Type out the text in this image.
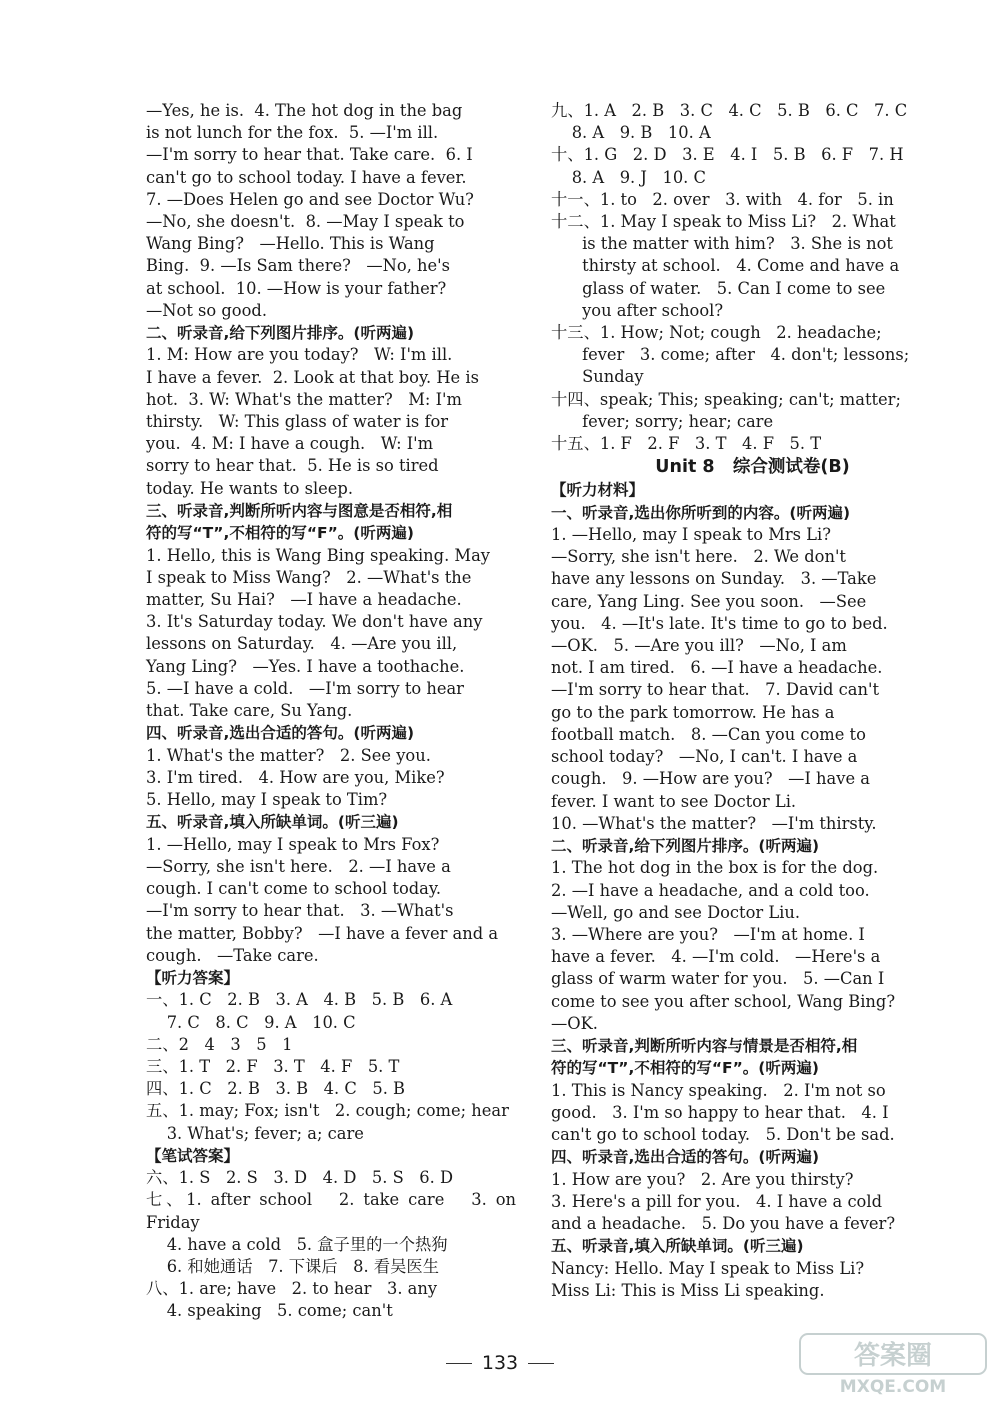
—Yes, he is.  4. The hot dog in the bag

is not lunch for the fox.  5. —I'm ill.

—I'm sorry to hear that. Take care.  6. I

can't go to school today. I have a fever.

7. —Does Helen go and see Doctor Wu?

—No, she doesn't.  8. —May I speak to

Wang Bing?   —Hello. This is Wang

Bing.  9. —Is Sam there?   —No, he's

at school.  10. —How is your father?

—Not so good.

二、听录音,给下列图片排序。(听两遍)

1. M: How are you today?   W: I'm ill.

I have a fever.  2. Look at that boy. He is

hot.  3. W: What's the matter?   M: I'm

thirsty.   W: This glass of water is for

you.  4. M: I have a cough.   W: I'm

sorry to hear that.  5. He is so tired

today. He wants to sleep.

三、听录音,判断所听内容与图意是否相符,相

符的写“T”,不相符的写“F”。(听两遍)

1. Hello, this is Wang Bing speaking. May

I speak to Miss Wang?   2. —What's the

matter, Su Hai?   —I have a headache.

3. It's Saturday today. We don't have any

lessons on Saturday.   4. —Are you ill,

Yang Ling?   —Yes. I have a toothache.

5. —I have a cold.   —I'm sorry to hear

that. Take care, Su Yang.

四、听录音,选出合适的答句。(听两遍)

1. What's the matter?   2. See you.

3. I'm tired.   4. How are you, Mike?

5. Hello, may I speak to Tim?

五、听录音,填入所缺单词。(听三遍)

1. —Hello, may I speak to Mrs Fox?

—Sorry, she isn't here.   2. —I have a

cough. I can't come to school today.

—I'm sorry to hear that.   3. —What's

the matter, Bobby?   —I have a fever and a

cough.   —Take care.

【听力答案】

一、1. C   2. B   3. A   4. B   5. B   6. A

7. C   8. C   9. A   10. C

二、2   4   3   5   1

三、1. T   2. F   3. T   4. F   5. T

四、1. C   2. B   3. B   4. C   5. B

五、1. may; Fox; isn't   2. cough; come; hear

3. What's; fever; a; care

【笔试答案】

六、1. S   2. S   3. D   4. D   5. S   6. D

七、1. after school   2. take care   3. on Friday

4. have a cold   5. 盒子里的一个热狗

6. 和她通话   7. 下课后   8. 看吴医生

八、1. are; have   2. to hear   3. any

4. speaking   5. come; can't

九、1. A   2. B   3. C   4. C   5. B   6. C   7. C

8. A   9. B   10. A

十、1. G   2. D   3. E   4. I   5. B   6. F   7. H

8. A   9. J   10. C

十一、1. to   2. over   3. with   4. for   5. in

十二、1. May I speak to Miss Li?   2. What

is the matter with him?   3. She is not

thirsty at school.   4. Come and have a

glass of water.   5. Can I come to see

you after school?

十三、1. How; Not; cough   2. headache;

fever   3. come; after   4. don't; lessons;

Sunday

十四、speak; This; speaking; can't; matter;

fever; sorry; hear; care

十五、1. F   2. F   3. T   4. F   5. T

Unit 8   综合测试卷(B)

【听力材料】

一、听录音,选出你所听到的内容。(听两遍)

1. —Hello, may I speak to Mrs Li?

—Sorry, she isn't here.   2. We don't

have any lessons on Sunday.   3. —Take

care, Yang Ling. See you soon.   —See

you.   4. —It's late. It's time to go to bed.

—OK.   5. —Are you ill?   —No, I am

not. I am tired.   6. —I have a headache.

—I'm sorry to hear that.   7. David can't

go to the park tomorrow. He has a

football match.   8. —Can you come to

school today?   —No, I can't. I have a

cough.   9. —How are you?   —I have a

fever. I want to see Doctor Li.

10. —What's the matter?   —I'm thirsty.

二、听录音,给下列图片排序。(听两遍)

1. The hot dog in the box is for the dog.

2. —I have a headache, and a cold too.

—Well, go and see Doctor Liu.

3. —Where are you?   —I'm at home. I

have a fever.   4. —I'm cold.   —Here's a

glass of warm water for you.   5. —Can I

come to see you after school, Wang Bing?

—OK.

三、听录音,判断所听内容与情景是否相符,相

符的写“T”,不相符的写“F”。(听两遍)

1. This is Nancy speaking.   2. I'm not so

good.   3. I'm so happy to hear that.   4. I

can't go to school today.   5. Don't be sad.

四、听录音,选出合适的答句。(听两遍)

1. How are you?   2. Are you thirsty?

3. Here's a pill for you.   4. I have a cold

and a headache.   5. Do you have a fever?

五、听录音,填入所缺单词。(听三遍)

Nancy: Hello. May I speak to Miss Li?

Miss Li: This is Miss Li speaking.

133	答案圈
MXQE.COM
